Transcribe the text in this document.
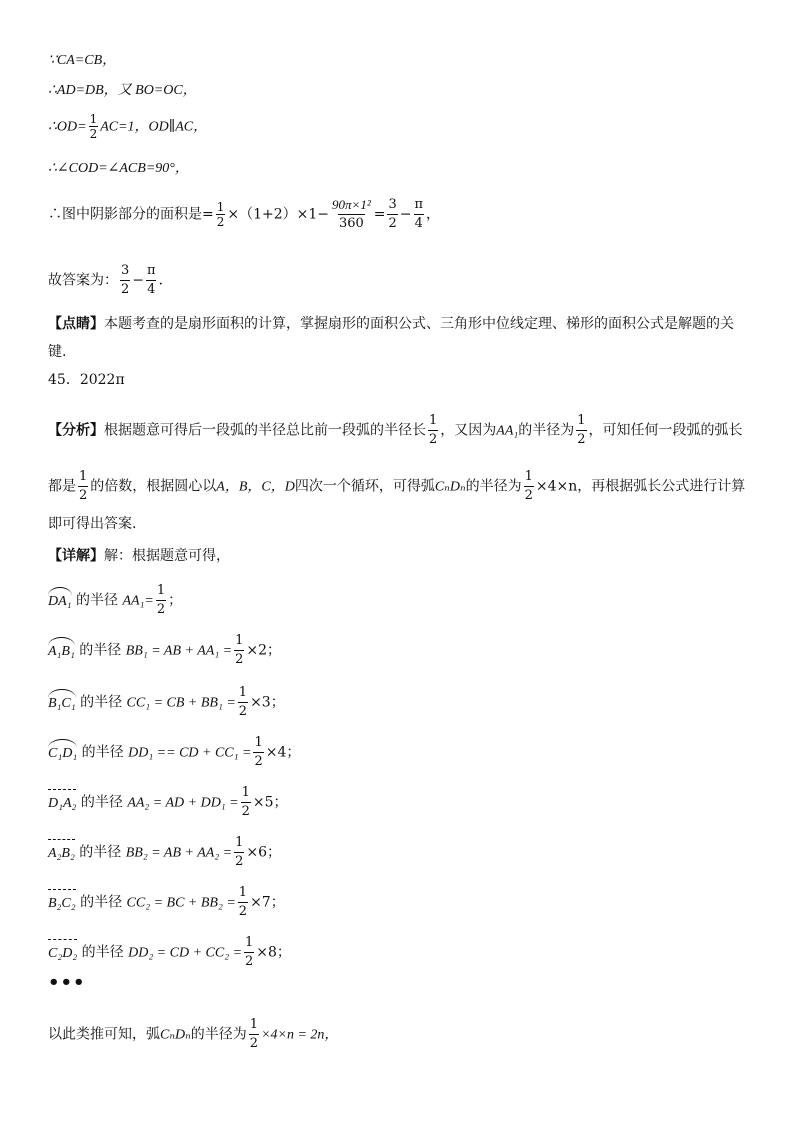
∵CA=CB，
∴AD=DB，又 BO=OC，
∴OD= $\frac{1}{2} AC=1$，OD∥AC，
∴∠COD=∠ACB=90°，
∴图中阴影部分的面积是= $\frac{1}{2} \times(1+2)\times 1- \frac{\text{90π×1²}}{360} = \frac{3}{2} - \frac{\pi}{4}$ ，
故答案为： $\frac{3}{2} - \frac{\pi}{4}$ ．
【点睛】本题考查的是扇形面积的计算，掌握扇形的面积公式、三角形中位线定理、梯形的面积公式是解题的关
键.
45．2022π
【分析】根据题意可得后一段弧的半径总比前一段弧的半径长 $\frac{1}{2}$ ，又因为AA₁的半径为 $\frac{1}{2}$ ，可知任何一段弧的弧长
都是 $\frac{1}{2}$ 的倍数，根据圆心以A，B，C，D四次一个循环，可得弧CₙDₙ的半径为 $\frac{1}{2} \times 4\times n$，再根据弧长公式进行计算
即可得出答案.
【详解】解：根据题意可得，
DA₁ 的半径 $AA_1= \frac{1}{2}$ ；
A₁B₁ 的半径 BB₁ = AB + $AA_1 = \frac{1}{2} \times 2$；
B₁C₁ 的半径 CC₁ = CB + $BB_1 = \frac{1}{2} \times 3$；
C₁D₁ 的半径 DD₁ == CD + $CC_1 = \frac{1}{2} \times 4$；
D₁A₂ 的半径 AA₂ = AD + $DD_1 = \frac{1}{2} \times 5$；
A₂B₂ 的半径 BB₂ = AB + $AA_2 = \frac{1}{2} \times 6$；
B₂C₂ 的半径 CC₂ = BC + $BB_2 = \frac{1}{2} \times 7$；
C₂D₂ 的半径 DD₂ = CD + $CC_2 = \frac{1}{2} \times 8$；
•••
以此类推可知，弧CₙDₙ的半径为 $\frac{1}{2} \times 4\times n = 2n$，
